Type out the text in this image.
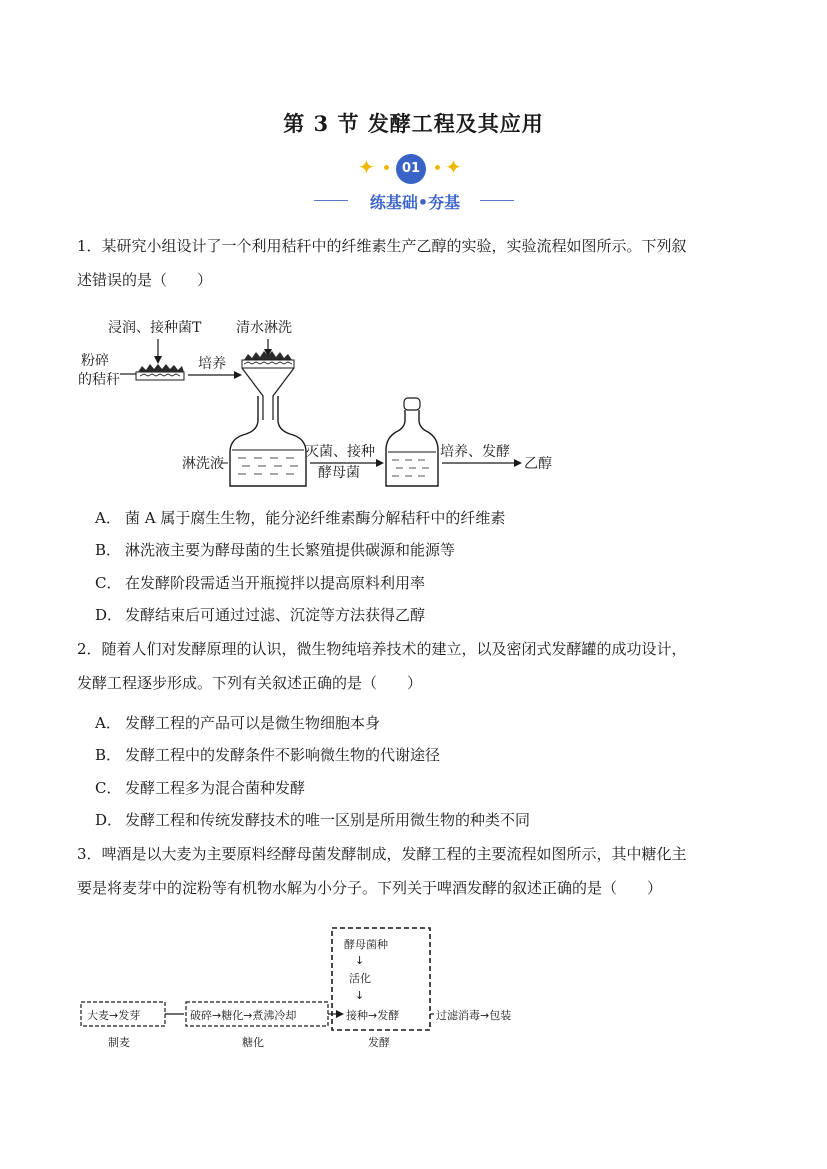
第 3 节 发酵工程及其应用
✦	01 ✦
练基础•夯基
1．某研究小组设计了一个利用秸秆中的纤维素生产乙醇的实验，实验流程如图所示。下列叙
述错误的是（　　）
浸润、接种菌T
粉碎
的秸秆
培养
清水淋洗
淋洗液
灭菌、接种
酵母菌
培养、发酵
乙醇
A． 菌 A 属于腐生生物，能分泌纤维素酶分解秸秆中的纤维素
B． 淋洗液主要为酵母菌的生长繁殖提供碳源和能源等
C． 在发酵阶段需适当开瓶搅拌以提高原料利用率
D． 发酵结束后可通过过滤、沉淀等方法获得乙醇
2．随着人们对发酵原理的认识，微生物纯培养技术的建立，以及密闭式发酵罐的成功设计，
发酵工程逐步形成。下列有关叙述正确的是（　　）
A． 发酵工程的产品可以是微生物细胞本身
B． 发酵工程中的发酵条件不影响微生物的代谢途径
C． 发酵工程多为混合菌种发酵
D． 发酵工程和传统发酵技术的唯一区别是所用微生物的种类不同
3．啤酒是以大麦为主要原料经酵母菌发酵制成，发酵工程的主要流程如图所示，其中糖化主
要是将麦芽中的淀粉等有机物水解为小分子。下列关于啤酒发酵的叙述正确的是（　　）
大麦→发芽	破碎→糖化→煮沸冷却
酵母菌种
↓
活化
↓
接种→发酵	过滤消毒→包装
制麦	糖化	发酵
